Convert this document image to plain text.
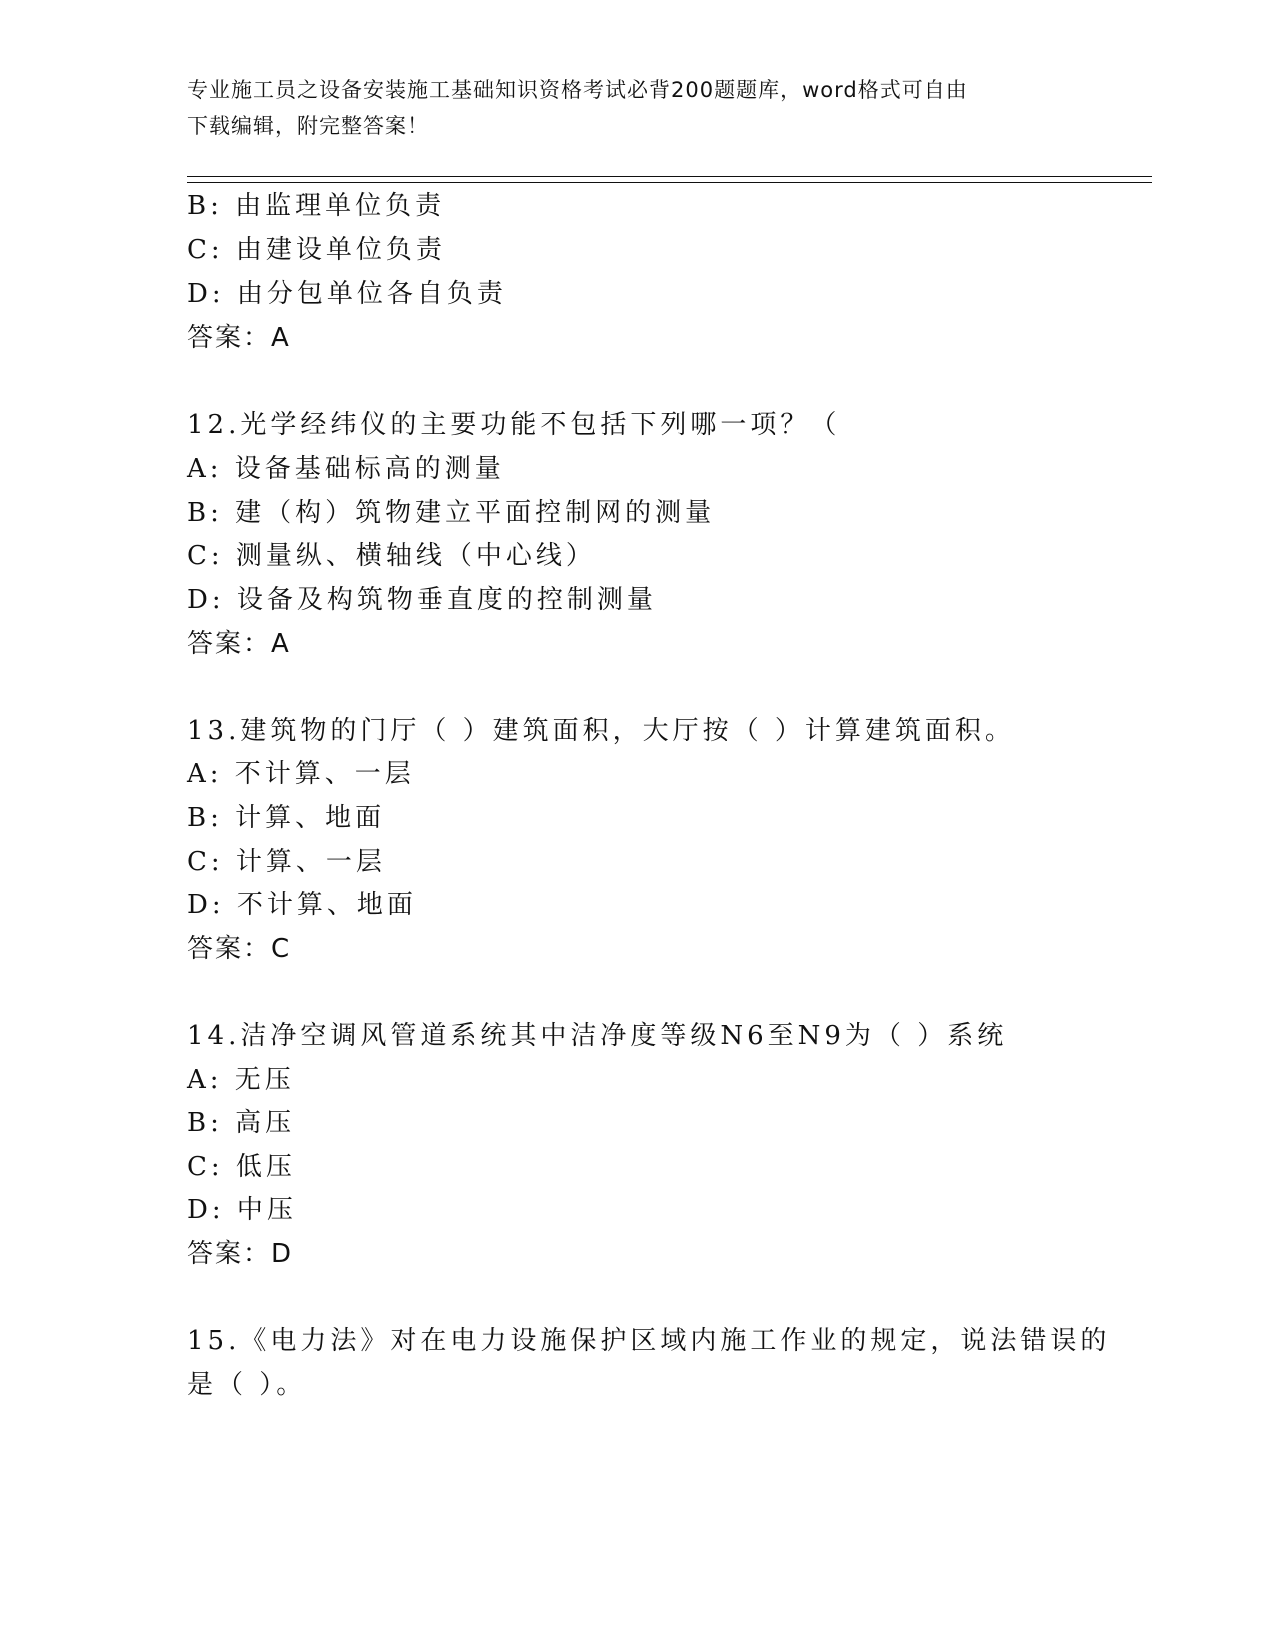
专业施工员之设备安装施工基础知识资格考试必背200题题库，word格式可自由
下载编辑，附完整答案！
B: 由监理单位负责
C: 由建设单位负责
D: 由分包单位各自负责
答案：A
12.光学经纬仪的主要功能不包括下列哪一项？（
A: 设备基础标高的测量
B: 建（构）筑物建立平面控制网的测量
C: 测量纵、横轴线（中心线）
D: 设备及构筑物垂直度的控制测量
答案：A
13.建筑物的门厅（ ）建筑面积，大厅按（ ）计算建筑面积。
A: 不计算、一层
B: 计算、地面
C: 计算、一层
D: 不计算、地面
答案：C
14.洁净空调风管道系统其中洁净度等级N6至N9为（ ）系统
A: 无压
B: 高压
C: 低压
D: 中压
答案：D
15.《电力法》对在电力设施保护区域内施工作业的规定，说法错误的
是（ ）。
